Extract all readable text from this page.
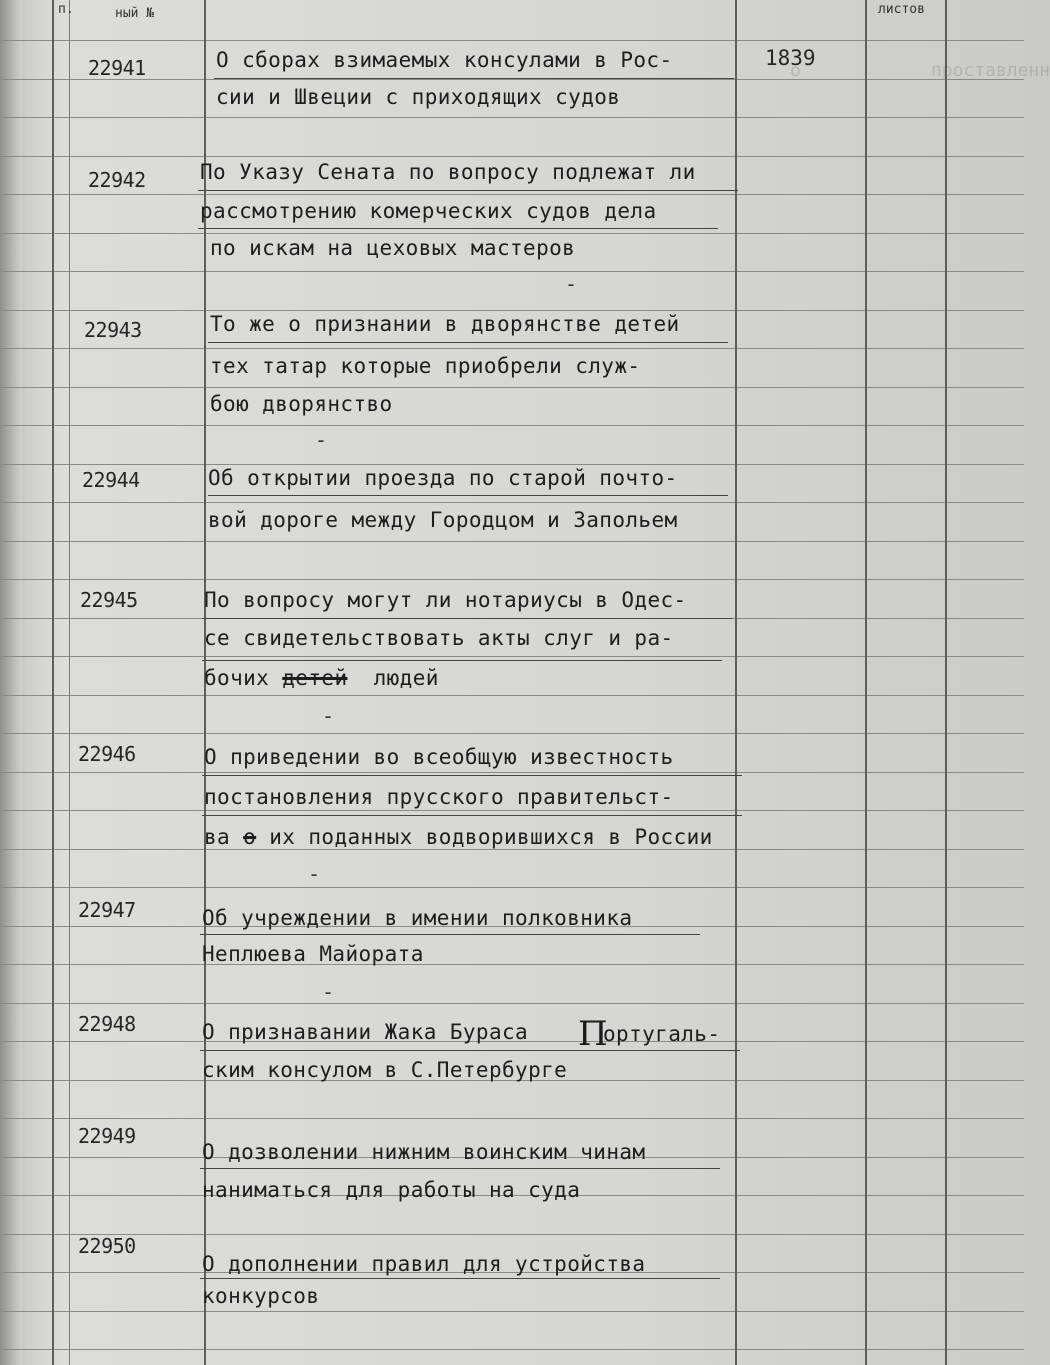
о            проставленн
п.	ный №	листов
22941	О сборах взимаемых консулами в Рос-	1839
сии и Швеции с приходящих судов
22942	По Указу Сената по вопросу подлежат ли
рассмотрению комерческих судов дела
по искам на цеховых мастеров
-
22943	То же о признании в дворянстве детей
тех татар которые приобрели служ-
бою дворянство
-
22944	Об открытии проезда по старой почто-
вой дороге между Городцом и Запольем
22945	По вопросу могут ли нотариусы в Одес-
се свидетельствовать акты слуг и ра-
бочих детей людей
-
22946	О приведении во всеобщую известность
постановления прусского правительст-
ва о их поданных водворившихся в России
-
22947	Об учреждении в имении полковника
Неплюева Майората
-
22948	О признавании Жака Бураса П
ортугаль-
ским консулом в С.Петербурге
22949
О дозволении нижним воинским чинам
наниматься для работы на суда
22950
О дополнении правил для устройства
конкурсов
